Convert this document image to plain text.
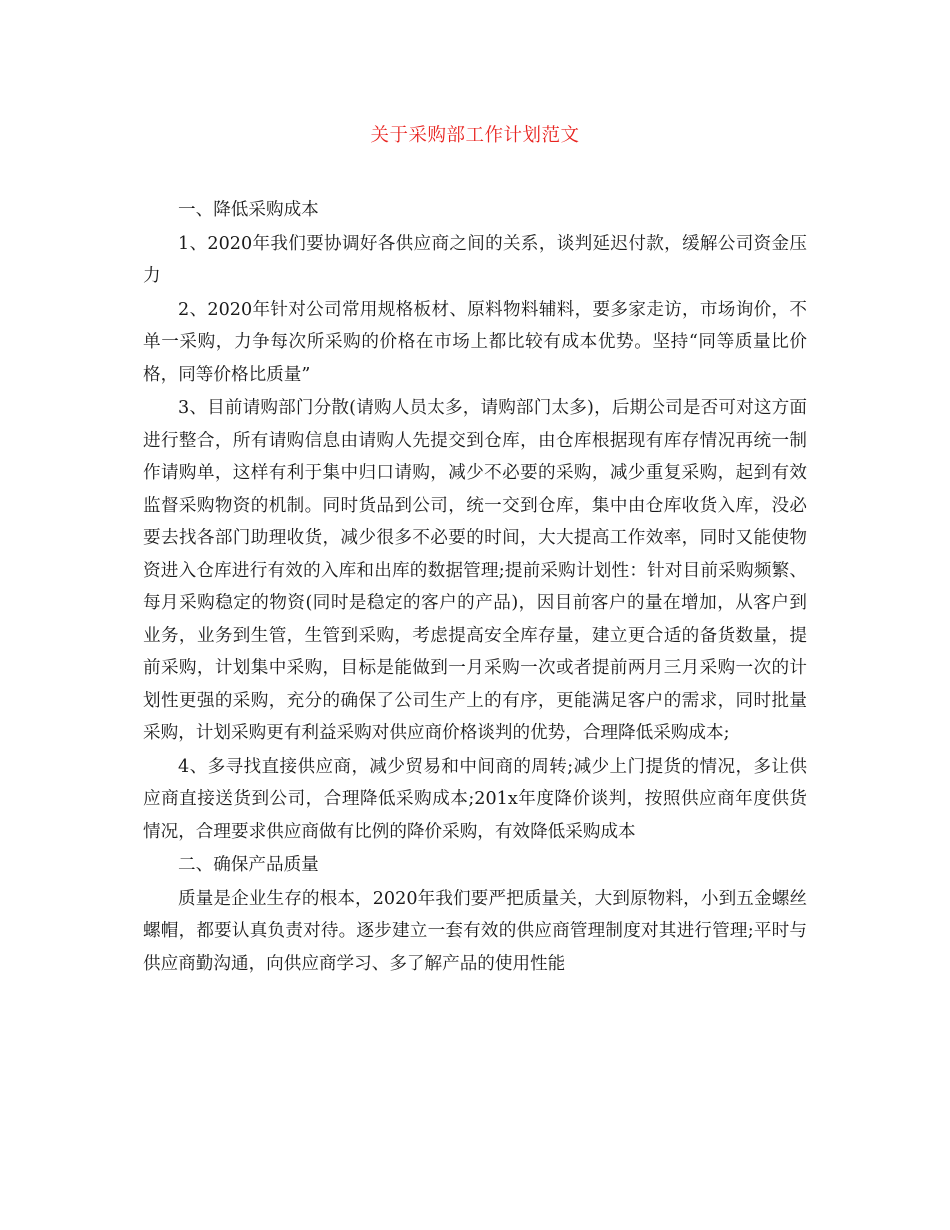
关于采购部工作计划范文

一、降低采购成本

1、2020年我们要协调好各供应商之间的关系，谈判延迟付款，缓解公司资金压力

2、2020年针对公司常用规格板材、原料物料辅料，要多家走访，市场询价，不单一采购，力争每次所采购的价格在市场上都比较有成本优势。坚持“同等质量比价格，同等价格比质量”

3、目前请购部门分散(请购人员太多，请购部门太多)，后期公司是否可对这方面进行整合，所有请购信息由请购人先提交到仓库，由仓库根据现有库存情况再统一制作请购单，这样有利于集中归口请购，减少不必要的采购，减少重复采购，起到有效监督采购物资的机制。同时货品到公司，统一交到仓库，集中由仓库收货入库，没必要去找各部门助理收货，减少很多不必要的时间，大大提高工作效率，同时又能使物资进入仓库进行有效的入库和出库的数据管理;提前采购计划性：针对目前采购频繁、每月采购稳定的物资(同时是稳定的客户的产品)，因目前客户的量在增加，从客户到业务，业务到生管，生管到采购，考虑提高安全库存量，建立更合适的备货数量，提前采购，计划集中采购，目标是能做到一月采购一次或者提前两月三月采购一次的计划性更强的采购，充分的确保了公司生产上的有序，更能满足客户的需求，同时批量采购，计划采购更有利益采购对供应商价格谈判的优势，合理降低采购成本;

4、多寻找直接供应商，减少贸易和中间商的周转;减少上门提货的情况，多让供应商直接送货到公司，合理降低采购成本;201x年度降价谈判，按照供应商年度供货情况，合理要求供应商做有比例的降价采购，有效降低采购成本

二、确保产品质量

质量是企业生存的根本，2020年我们要严把质量关，大到原物料，小到五金螺丝螺帽，都要认真负责对待。逐步建立一套有效的供应商管理制度对其进行管理;平时与供应商勤沟通，向供应商学习、多了解产品的使用性能
